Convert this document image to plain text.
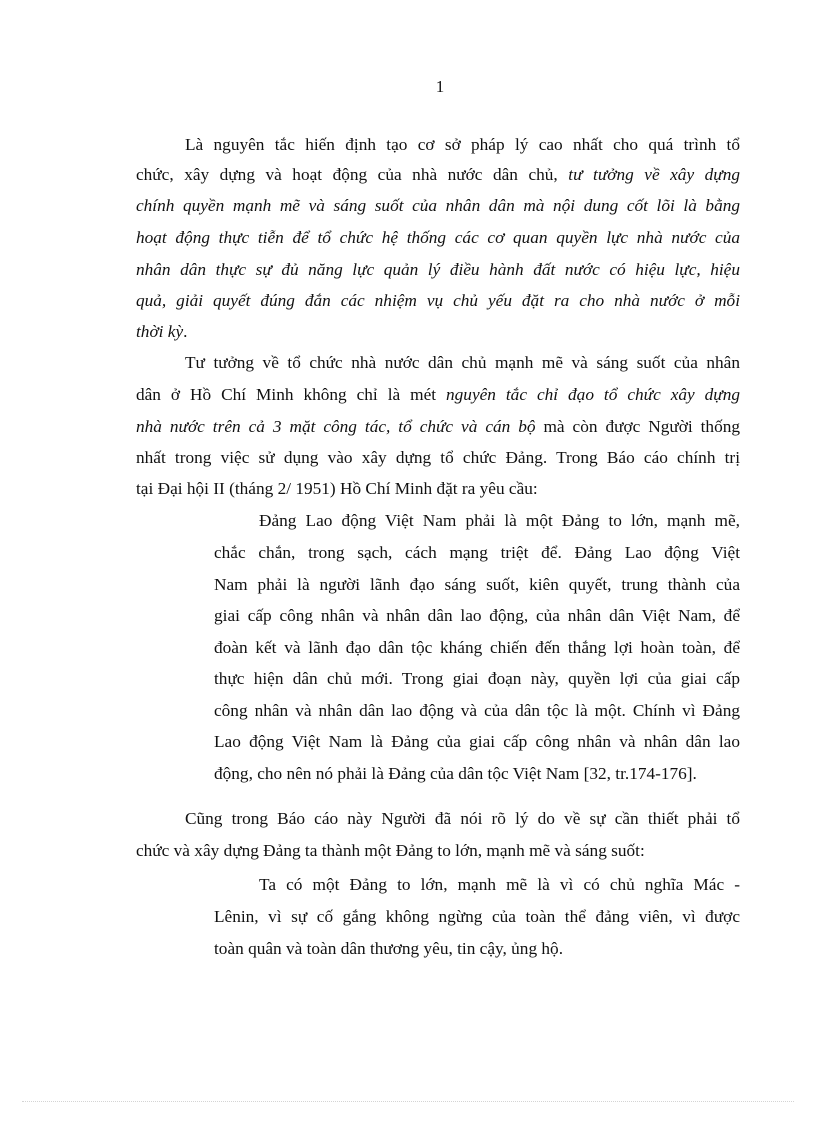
1
Là nguyên tắc hiến định tạo cơ sở pháp lý cao nhất cho quá trình tổ
chức, xây dựng và hoạt động của nhà nước dân chủ, tư tưởng về xây dựng
chính quyền mạnh mẽ và sáng suốt của nhân dân mà nội dung cốt lõi là bằng
hoạt động thực tiễn để tổ chức hệ thống các cơ quan quyền lực nhà nước của
nhân dân thực sự đủ năng lực quản lý điều hành đất nước có hiệu lực, hiệu
quả, giải quyết đúng đắn các nhiệm vụ chủ yếu đặt ra cho nhà nước ở mỗi
thời kỳ.
Tư tưởng về tổ chức nhà nước dân chủ mạnh mẽ và sáng suốt của nhân
dân ở Hồ Chí Minh không chỉ là mét nguyên tắc chỉ đạo tổ chức xây dựng
nhà nước trên cả 3 mặt công tác, tổ chức và cán bộ mà còn được Người thống
nhất trong việc sử dụng vào xây dựng tổ chức Đảng. Trong Báo cáo chính trị
tại Đại hội II (tháng 2/ 1951) Hồ Chí Minh đặt ra yêu cầu:
Đảng Lao động Việt Nam phải là một Đảng to lớn, mạnh mẽ,
chắc chắn, trong sạch, cách mạng triệt để. Đảng Lao động Việt
Nam phải là người lãnh đạo sáng suốt, kiên quyết, trung thành của
giai cấp công nhân và nhân dân lao động, của nhân dân Việt Nam, để
đoàn kết và lãnh đạo dân tộc kháng chiến đến thắng lợi hoàn toàn, để
thực hiện dân chủ mới. Trong giai đoạn này, quyền lợi của giai cấp
công nhân và nhân dân lao động và của dân tộc là một. Chính vì Đảng
Lao động Việt Nam là Đảng của giai cấp công nhân và nhân dân lao
động, cho nên nó phải là Đảng của dân tộc Việt Nam [32, tr.174-176].
Cũng trong Báo cáo này Người đã nói rõ lý do về sự cần thiết phải tổ
chức và xây dựng Đảng ta thành một Đảng to lớn, mạnh mẽ và sáng suốt:
Ta có một Đảng to lớn, mạnh mẽ là vì có chủ nghĩa Mác -
Lênin, vì sự cố gắng không ngừng của toàn thể đảng viên, vì được
toàn quân và toàn dân thương yêu, tin cậy, ủng hộ.
